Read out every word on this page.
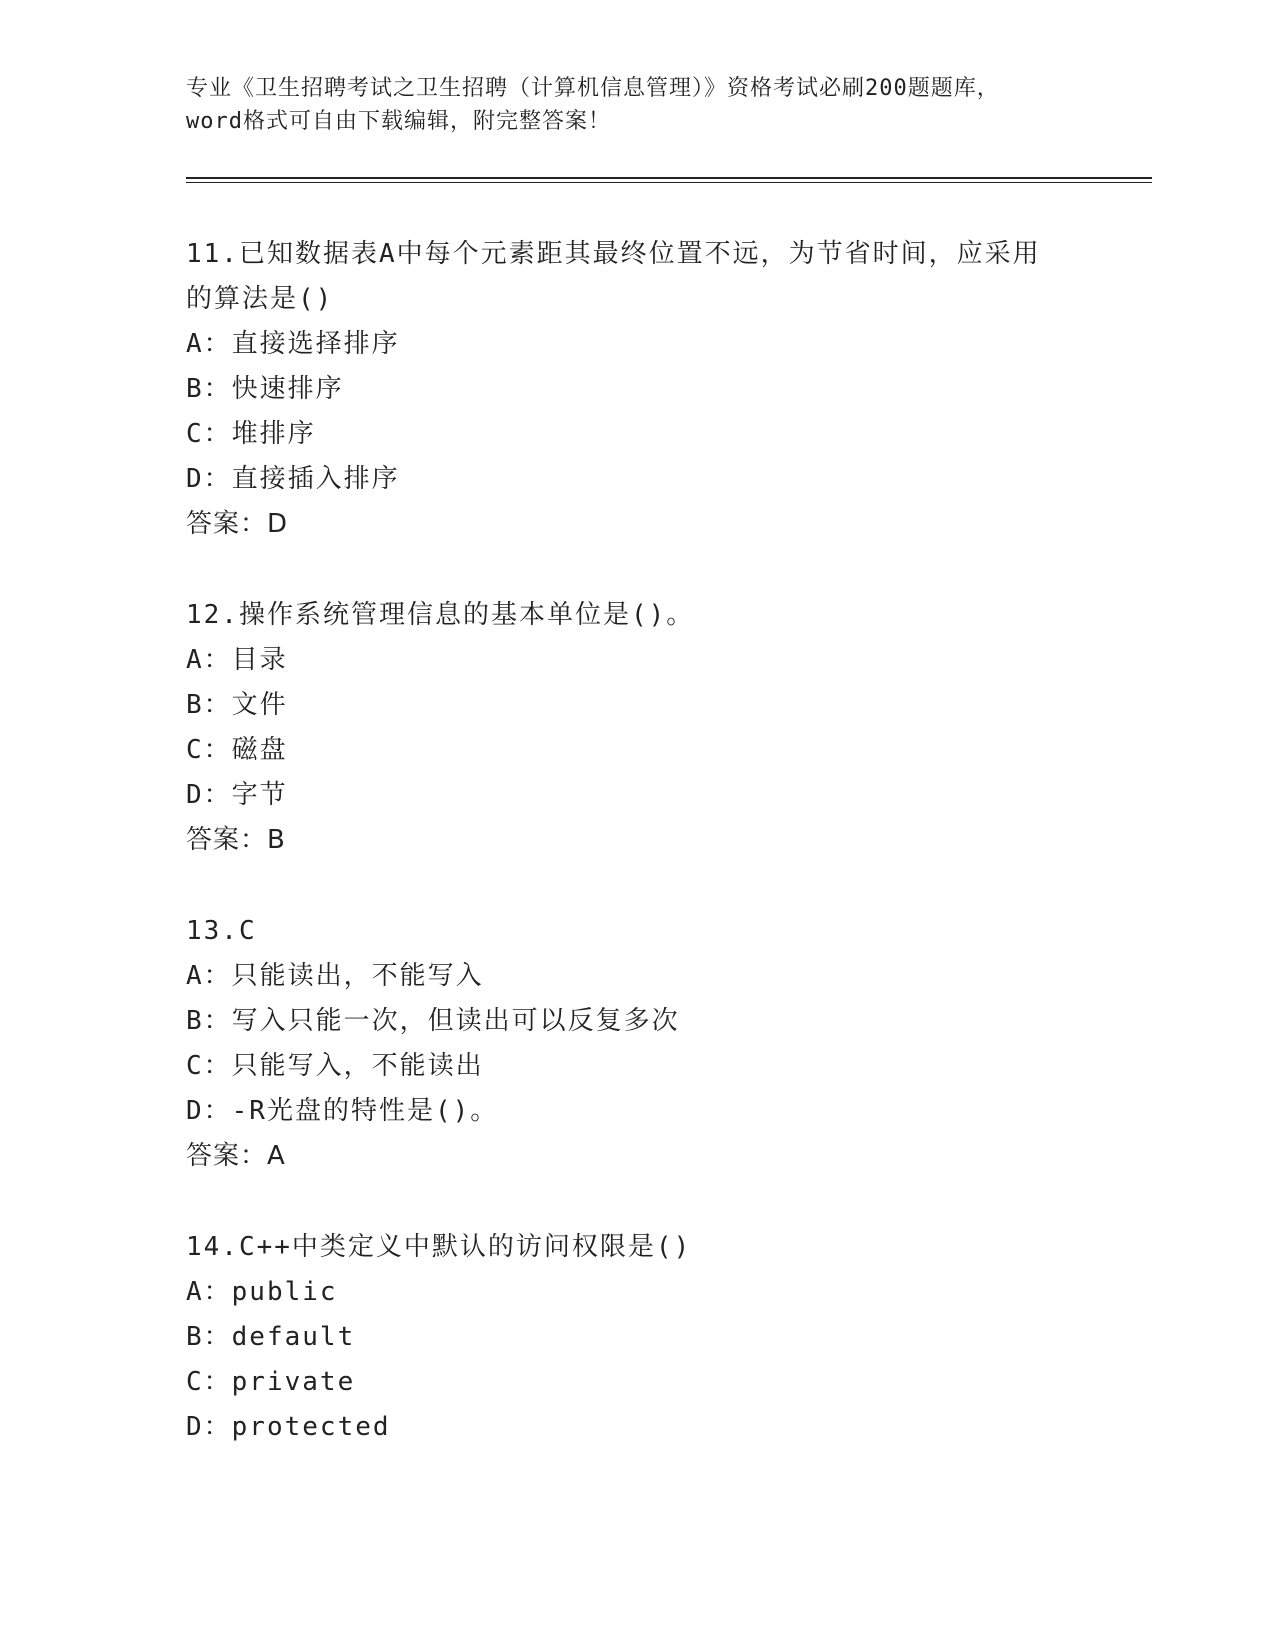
专业《卫生招聘考试之卫生招聘（计算机信息管理）》资格考试必刷200题题库，
word格式可自由下载编辑，附完整答案！
11.已知数据表A中每个元素距其最终位置不远，为节省时间，应采用
的算法是()
A：直接选择排序
B：快速排序
C：堆排序
D：直接插入排序
答案：D
12.操作系统管理信息的基本单位是()。
A：目录
B：文件
C：磁盘
D：字节
答案：B
13.C
A：只能读出，不能写入
B：写入只能一次，但读出可以反复多次
C：只能写入，不能读出
D：-R光盘的特性是()。
答案：A
14.C++中类定义中默认的访问权限是()
A：public
B：default
C：private
D：protected
